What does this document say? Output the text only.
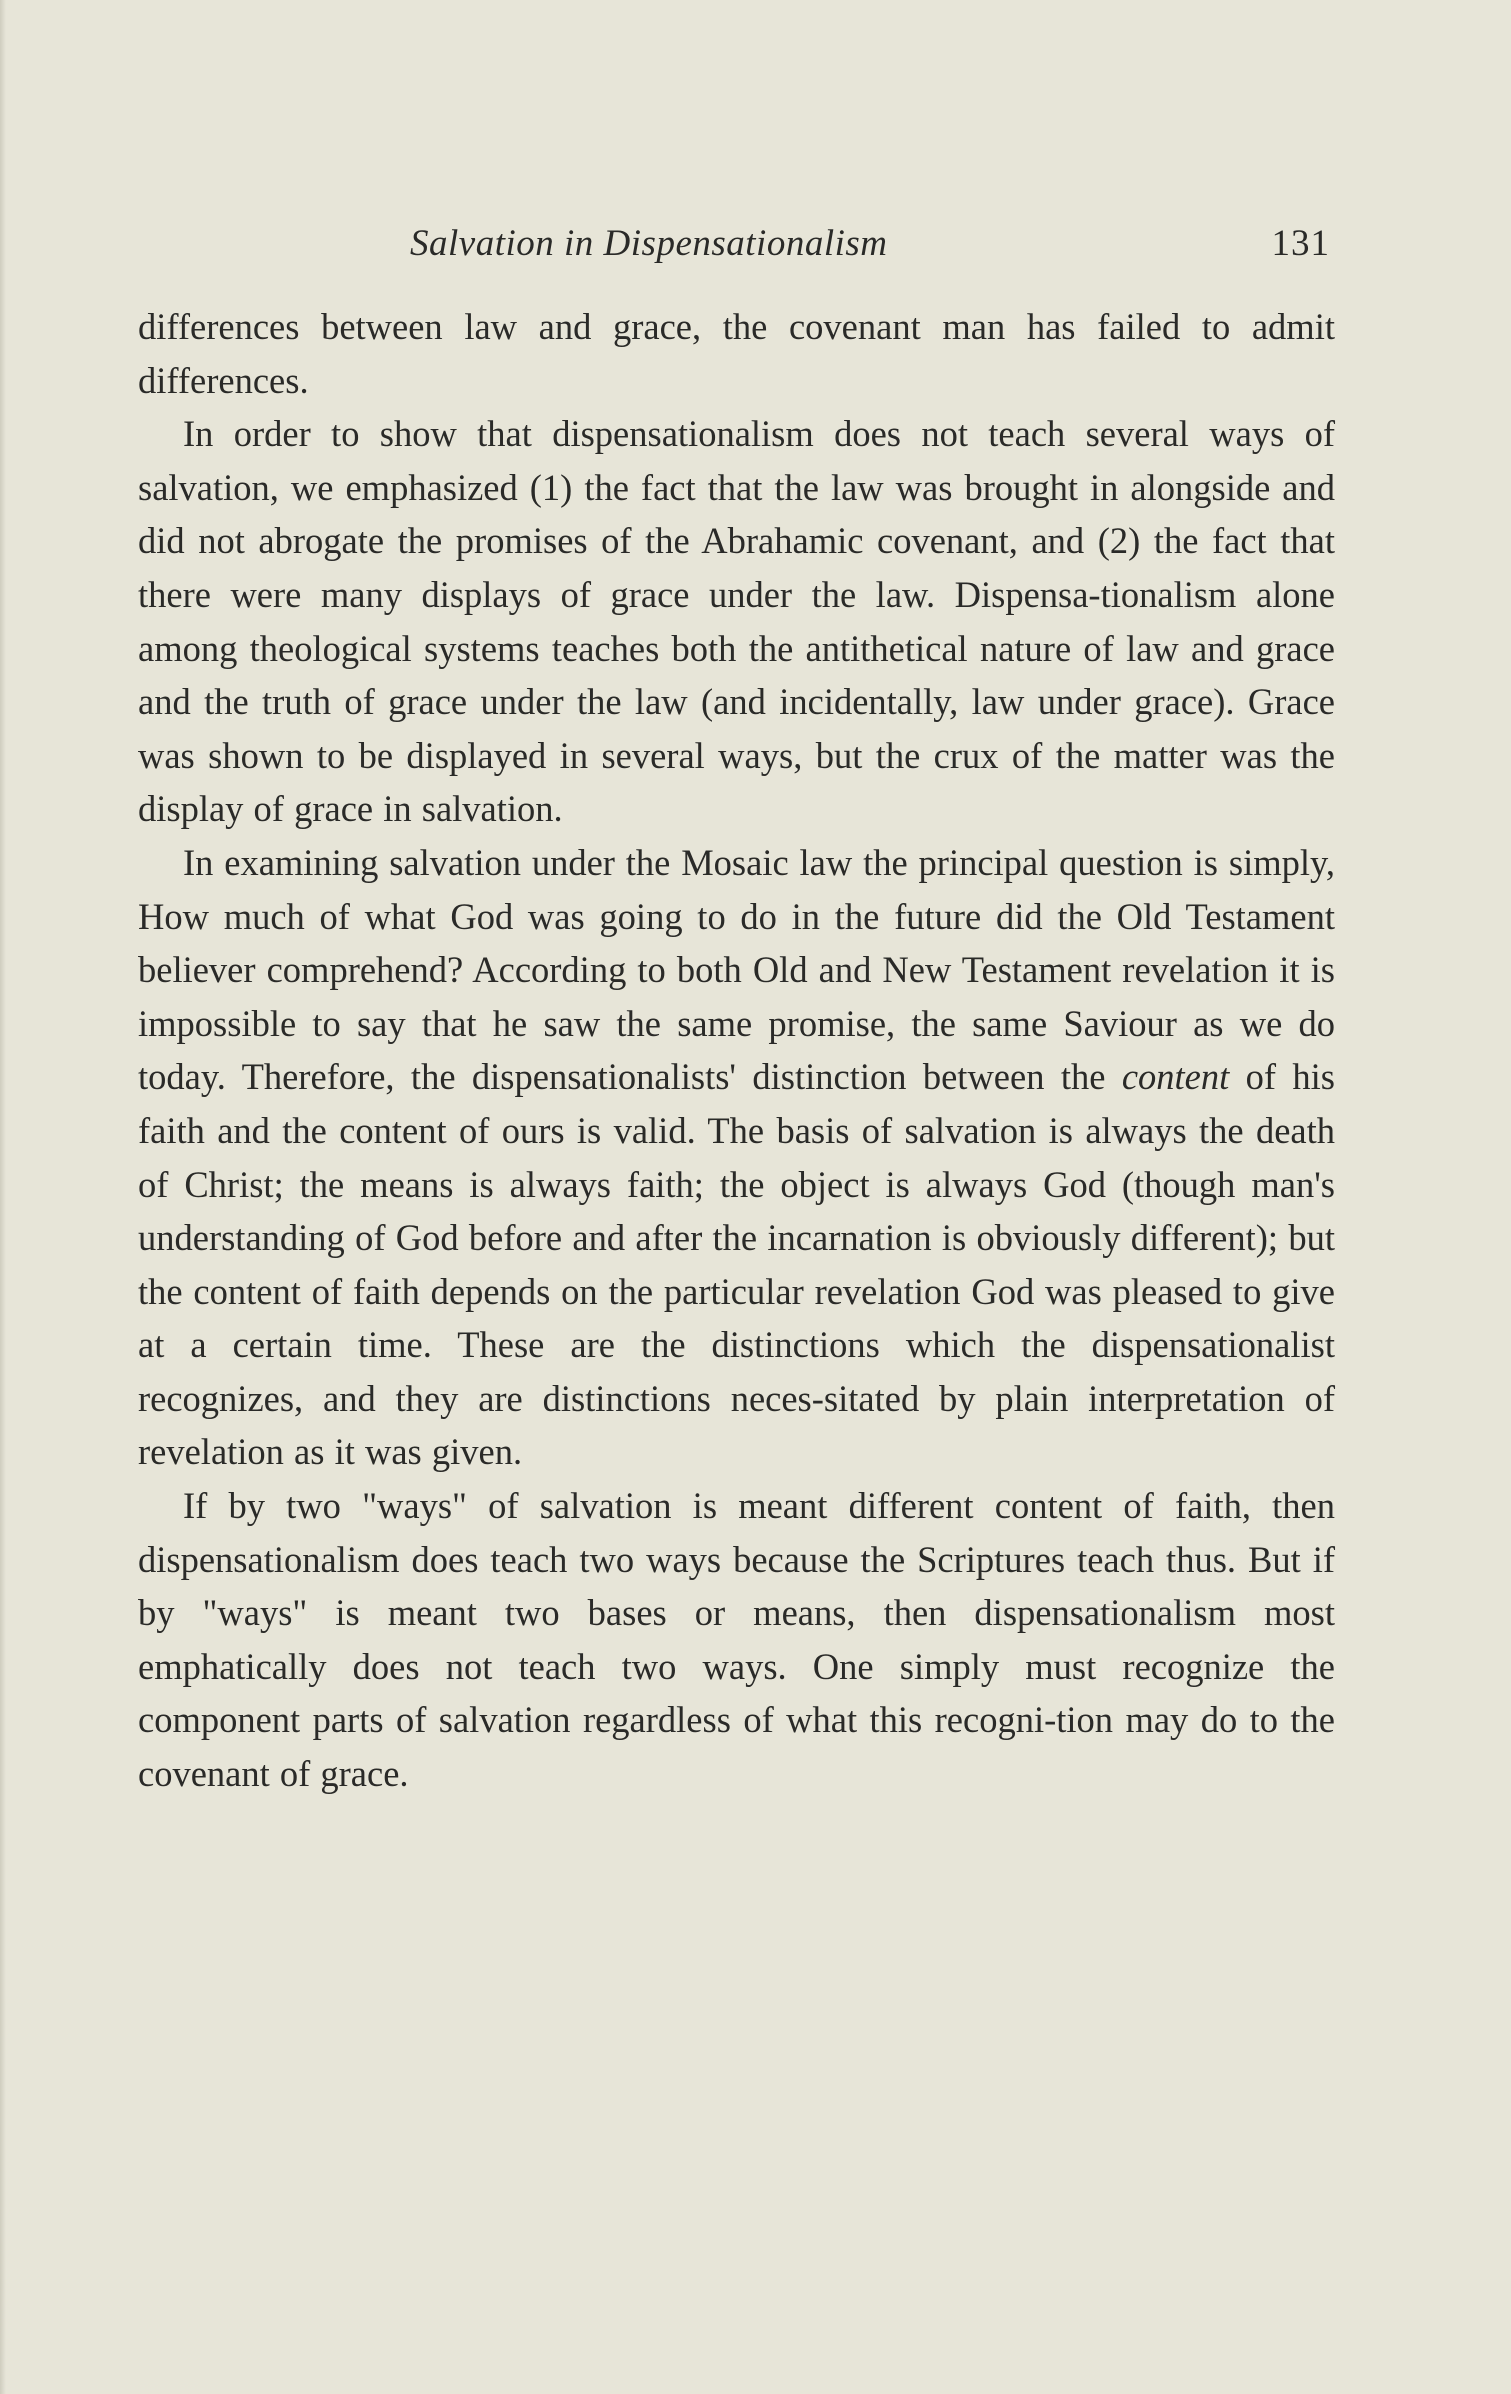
Salvation in Dispensationalism	131

differences between law and grace, the covenant man has failed to admit differences.

In order to show that dispensationalism does not teach several ways of salvation, we emphasized (1) the fact that the law was brought in alongside and did not abrogate the promises of the Abrahamic covenant, and (2) the fact that there were many displays of grace under the law. Dispensa-tionalism alone among theological systems teaches both the antithetical nature of law and grace and the truth of grace under the law (and incidentally, law under grace). Grace was shown to be displayed in several ways, but the crux of the matter was the display of grace in salvation.

In examining salvation under the Mosaic law the principal question is simply, How much of what God was going to do in the future did the Old Testament believer comprehend? According to both Old and New Testament revelation it is impossible to say that he saw the same promise, the same Saviour as we do today. Therefore, the dispensationalists' distinction between the content of his faith and the content of ours is valid. The basis of salvation is always the death of Christ; the means is always faith; the object is always God (though man's understanding of God before and after the incarnation is obviously different); but the content of faith depends on the particular revelation God was pleased to give at a certain time. These are the distinctions which the dispensationalist recognizes, and they are distinctions neces-sitated by plain interpretation of revelation as it was given.

If by two "ways" of salvation is meant different content of faith, then dispensationalism does teach two ways because the Scriptures teach thus. But if by "ways" is meant two bases or means, then dispensationalism most emphatically does not teach two ways. One simply must recognize the component parts of salvation regardless of what this recogni-tion may do to the covenant of grace.
